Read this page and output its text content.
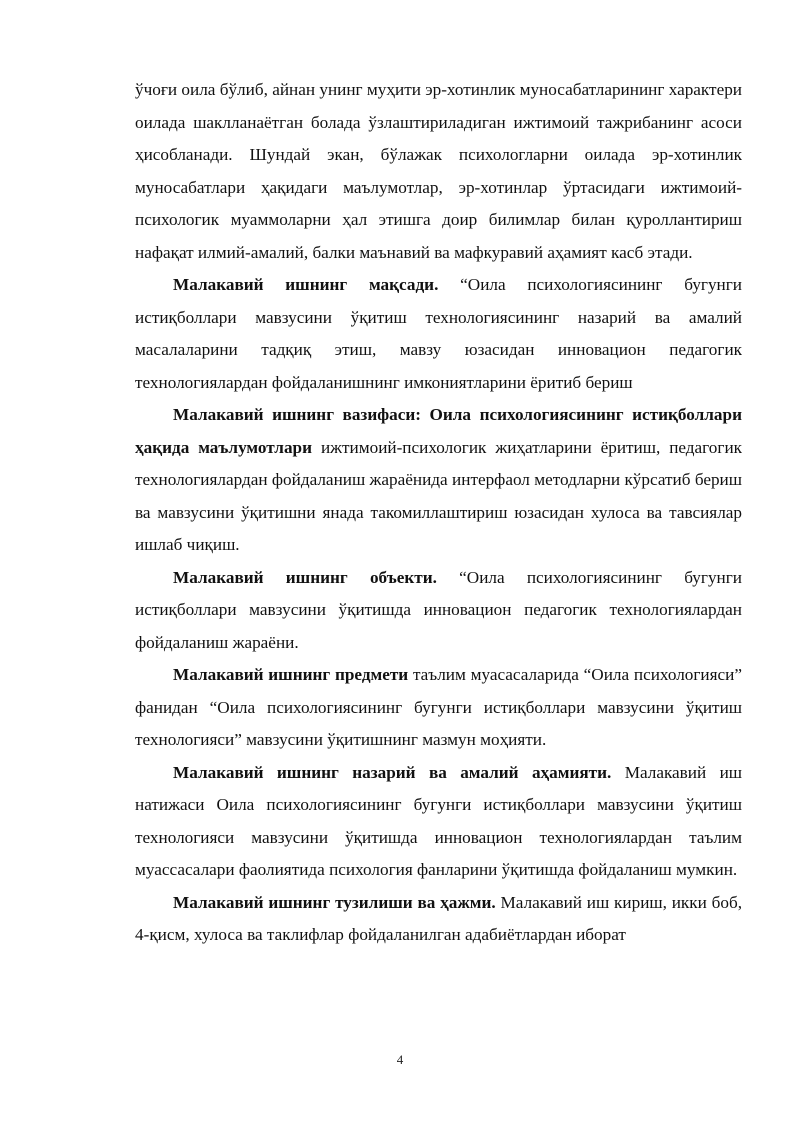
ўчоғи оила бўлиб, айнан унинг муҳити эр-хотинлик муносабатларининг характери оилада шаклланаётган болада ўзлаштириладиган ижтимоий тажрибанинг асоси ҳисобланади. Шундай экан, бўлажак психологларни оилада эр-хотинлик муносабатлари ҳақидаги маълумотлар, эр-хотинлар ўртасидаги ижтимоий-психологик муаммоларни ҳал этишга доир билимлар билан қуроллантириш нафақат илмий-амалий, балки маънавий ва мафкуравий аҳамият касб этади.

Малакавий ишнинг мақсади. “Оила психологиясининг бугунги истиқболлари мавзусини ўқитиш технологиясининг назарий ва амалий масалаларини тадқиқ этиш, мавзу юзасидан инновацион педагогик технологиялардан фойдаланишнинг имкониятларини ёритиб бериш

Малакавий ишнинг вазифаси: Оила психологиясининг истиқболлари ҳақида маълумотлари ижтимоий-психологик жиҳатларини ёритиш, педагогик технологиялардан фойдаланиш жараёнида интерфаол методларни кўрсатиб бериш ва мавзусини ўқитишни янада такомиллаштириш юзасидан хулоса ва тавсиялар ишлаб чиқиш.

Малакавий ишнинг объекти. “Оила психологиясининг бугунги истиқболлари мавзусини ўқитишда инновацион педагогик технологиялардан фойдаланиш жараёни.

Малакавий ишнинг предмети таълим муасасаларида “Оила психологияси” фанидан “Оила психологиясининг бугунги истиқболлари мавзусини ўқитиш технологияси” мавзусини ўқитишнинг мазмун моҳияти.

Малакавий ишнинг назарий ва амалий аҳамияти. Малакавий иш натижаси Оила психологиясининг бугунги истиқболлари мавзусини ўқитиш технологияси мавзусини ўқитишда инновацион технологиялардан таълим муассасалари фаолиятида психология фанларини ўқитишда фойдаланиш мумкин.

Малакавий ишнинг тузилиши ва ҳажми. Малакавий иш кириш, икки боб, 4-қисм, хулоса ва таклифлар фойдаланилган адабиётлардан иборат

4
